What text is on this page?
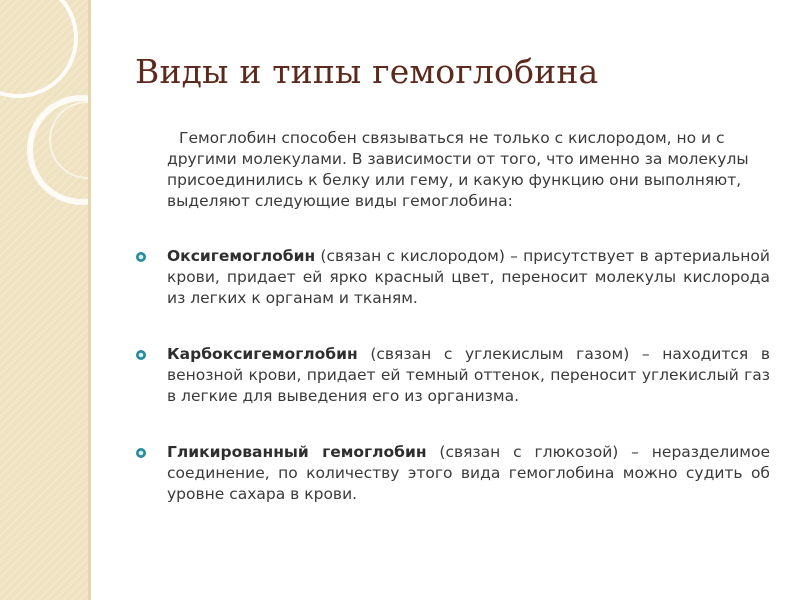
Виды и типы гемоглобина

Гемоглобин способен связываться не только с кислородом, но и с другими молекулами. В зависимости от того, что именно за молекулы присоединились к белку или гему, и какую функцию они выполняют, выделяют следующие виды гемоглобина:

Оксигемоглобин (связан с кислородом) – присутствует в артериальной крови, придает ей ярко красный цвет, переносит молекулы кислорода из легких к органам и тканям.
Карбоксигемоглобин (связан с углекислым газом) – находится в венозной крови, придает ей темный оттенок, переносит углекислый газ в легкие для выведения его из организма.
Гликированный гемоглобин (связан с глюкозой) – неразделимое соединение, по количеству этого вида гемоглобина можно судить об уровне сахара в крови.
